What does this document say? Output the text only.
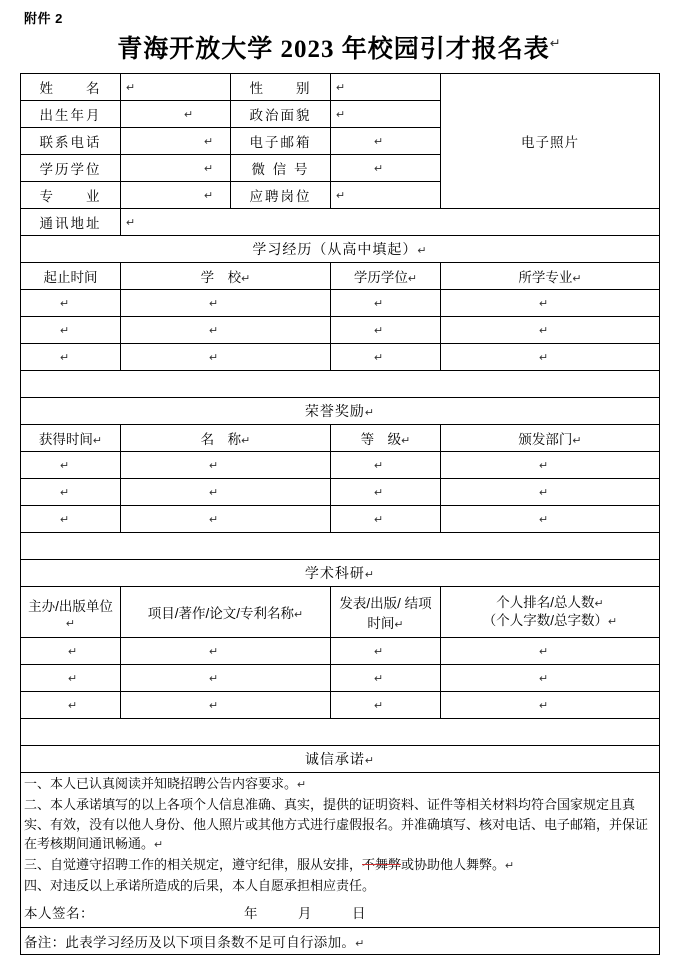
附件 2
青海开放大学 2023 年校园引才报名表↵
姓　　名	↵	性　　别	↵	电子照片
出生年月	↵	政治面貌	↵	
联系电话	↵	电子邮箱	↵	
学历学位	↵	微 信 号	↵	
专　　业	↵	应聘岗位	↵	
通讯地址	↵			
学习经历（从高中填起）↵				
起止时间	学　校↵		学历学位↵	所学专业↵
↵	↵		↵	↵
↵	↵		↵	↵
↵	↵		↵	↵

荣誉奖励↵				
获得时间↵	名　称↵		等　级↵	颁发部门↵
↵	↵		↵	↵
↵	↵		↵	↵
↵	↵		↵	↵

学术科研↵				
主办/出版单位↵	项目/著作/论文/专利名称↵		发表/出版/ 结项时间↵	个人排名/总人数↵
（个人字数/总字数）↵
↵	↵		↵	↵
↵	↵		↵	↵
↵	↵		↵	↵

诚信承诺↵				

一、本人已认真阅读并知晓招聘公告内容要求。↵

二、本人承诺填写的以上各项个人信息准确、真实，提供的证明资料、证件等相关材料均符合国家规定且真实、有效，没有以他人身份、他人照片或其他方式进行虚假报名。并准确填写、核对电话、电子邮箱，并保证在考核期间通讯畅通。↵

三、自觉遵守招聘工作的相关规定，遵守纪律，服从安排，不舞弊或协助他人舞弊。↵

四、对违反以上承诺所造成的后果，本人自愿承担相应责任。

本人签名： 年 月 日				

备注：此表学习经历及以下项目条数不足可自行添加。↵				
